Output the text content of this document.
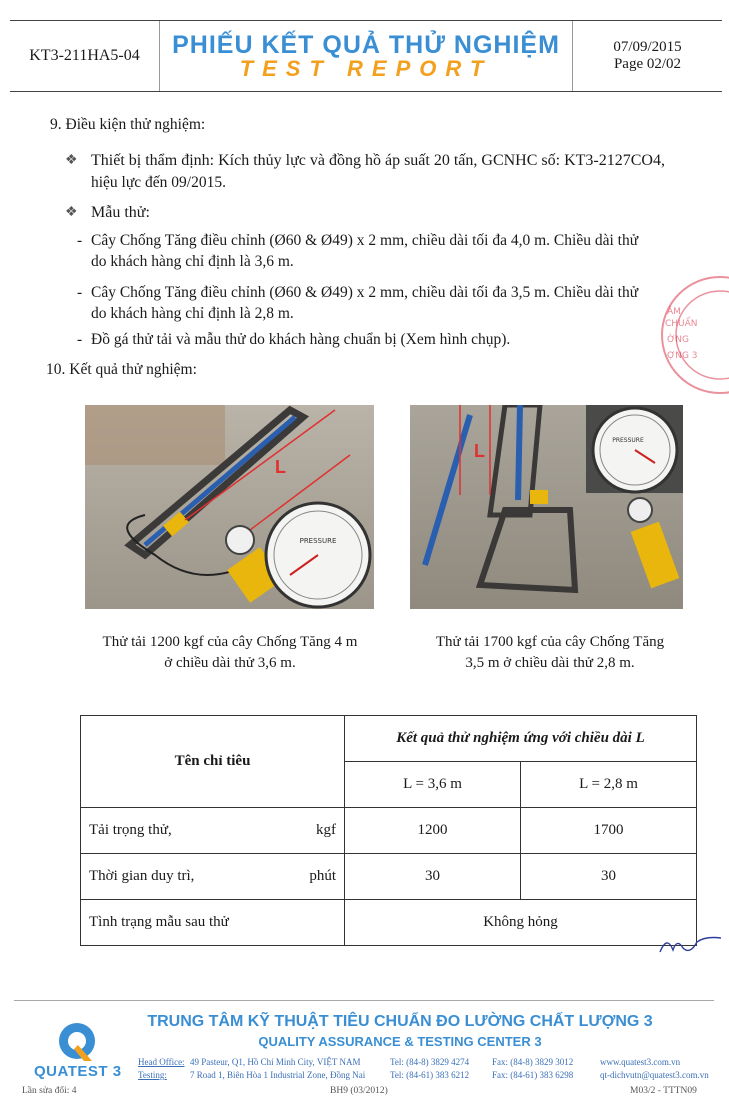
KT3-211HA5-04	PHIẾU KẾT QUẢ THỬ NGHIỆM
TEST REPORT
07/09/2015
Page 02/02
9. Điều kiện thử nghiệm:
❖ Thiết bị thẩm định: Kích thủy lực và đồng hồ áp suất 20 tấn, GCNHC số: KT3-2127CO4,
hiệu lực đến 09/2015.
❖ Mẫu thử:
- Cây Chống Tăng điều chỉnh (Ø60 & Ø49) x 2 mm, chiều dài tối đa 4,0 m. Chiều dài thử
do khách hàng chỉ định là 3,6 m.
- Cây Chống Tăng điều chỉnh (Ø60 & Ø49) x 2 mm, chiều dài tối đa 3,5 m. Chiều dài thử
do khách hàng chỉ định là 2,8 m.
- Đồ gá thử tải và mẫu thử do khách hàng chuẩn bị (Xem hình chụp).
10. Kết quả thử nghiệm:
PRESSURE
L
PRESSURE
L
Thử tải 1200 kgf của cây Chống Tăng 4 m
ở chiều dài thử 3,6 m.
Thử tải 1700 kgf của cây Chống Tăng
3,5 m ở chiều dài thử 2,8 m.
Tên chỉ tiêu	Kết quả thử nghiệm ứng với chiều dài L	
	L = 3,6 m	L = 2,8 m

Tải trọng thử, kgf	1200	1700

Thời gian duy trì, phút	30	30
Tình trạng mẫu sau thử	Không hỏng	
ÂM
CHUẨN
ỜNG
ỢNG 3
QUATEST 3
TRUNG TÂM KỸ THUẬT TIÊU CHUẨN ĐO LƯỜNG CHẤT LƯỢNG 3
QUALITY ASSURANCE & TESTING CENTER 3
Head Office: 49 Pasteur, Q1, Hồ Chí Minh City, VIỆT NAM	Tel: (84-8) 3829 4274	Fax: (84-8) 3829 3012	www.quatest3.com.vn
Testing:	7 Road 1, Biên Hòa 1 Industrial Zone, Đồng Nai	Tel: (84-61) 383 6212	Fax: (84-61) 383 6298	qt-dichvutn@quatest3.com.vn
Lần sửa đổi: 4	BH9 (03/2012)	M03/2 - TTTN09
